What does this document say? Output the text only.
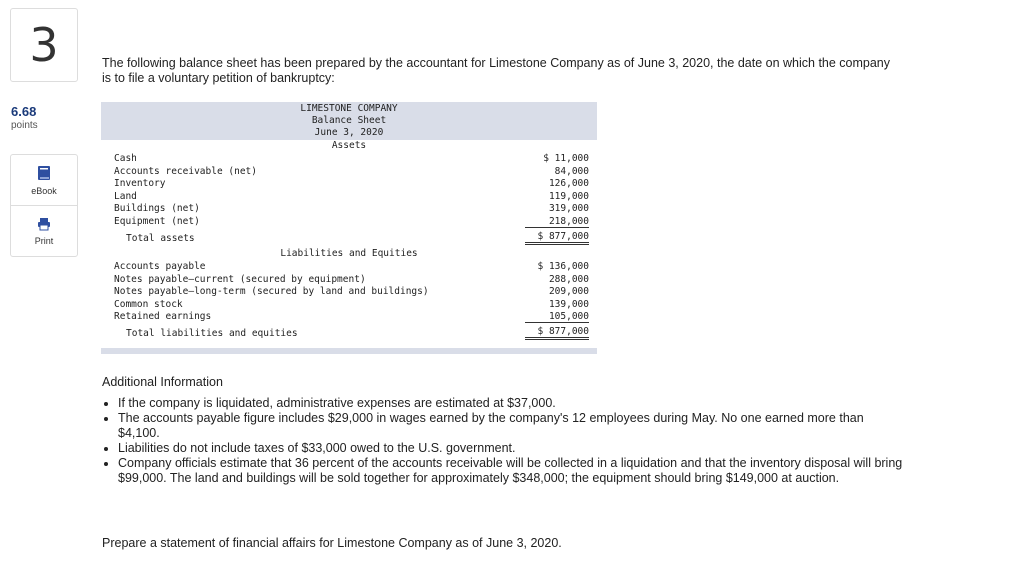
3
6.68
points
eBook
Print
The following balance sheet has been prepared by the accountant for Limestone Company as of June 3, 2020, the date on which the company is to file a voluntary petition of bankruptcy:
LIMESTONE COMPANY
Balance Sheet
June 3, 2020
Assets
Cash	$ 11,000
Accounts receivable (net)	84,000
Inventory	126,000
Land	119,000
Buildings (net)	319,000
Equipment (net)	218,000
Total assets	$ 877,000
Liabilities and Equities
Accounts payable	$ 136,000
Notes payable—current (secured by equipment)	288,000
Notes payable—long-term (secured by land and buildings)	209,000
Common stock	139,000
Retained earnings	105,000
Total liabilities and equities	$ 877,000
Additional Information
• If the company is liquidated, administrative expenses are estimated at $37,000.
• The accounts payable figure includes $29,000 in wages earned by the company's 12 employees during May. No one earned more than $4,100.
• Liabilities do not include taxes of $33,000 owed to the U.S. government.
• Company officials estimate that 36 percent of the accounts receivable will be collected in a liquidation and that the inventory disposal will bring $99,000. The land and buildings will be sold together for approximately $348,000; the equipment should bring $149,000 at auction.
Prepare a statement of financial affairs for Limestone Company as of June 3, 2020.
